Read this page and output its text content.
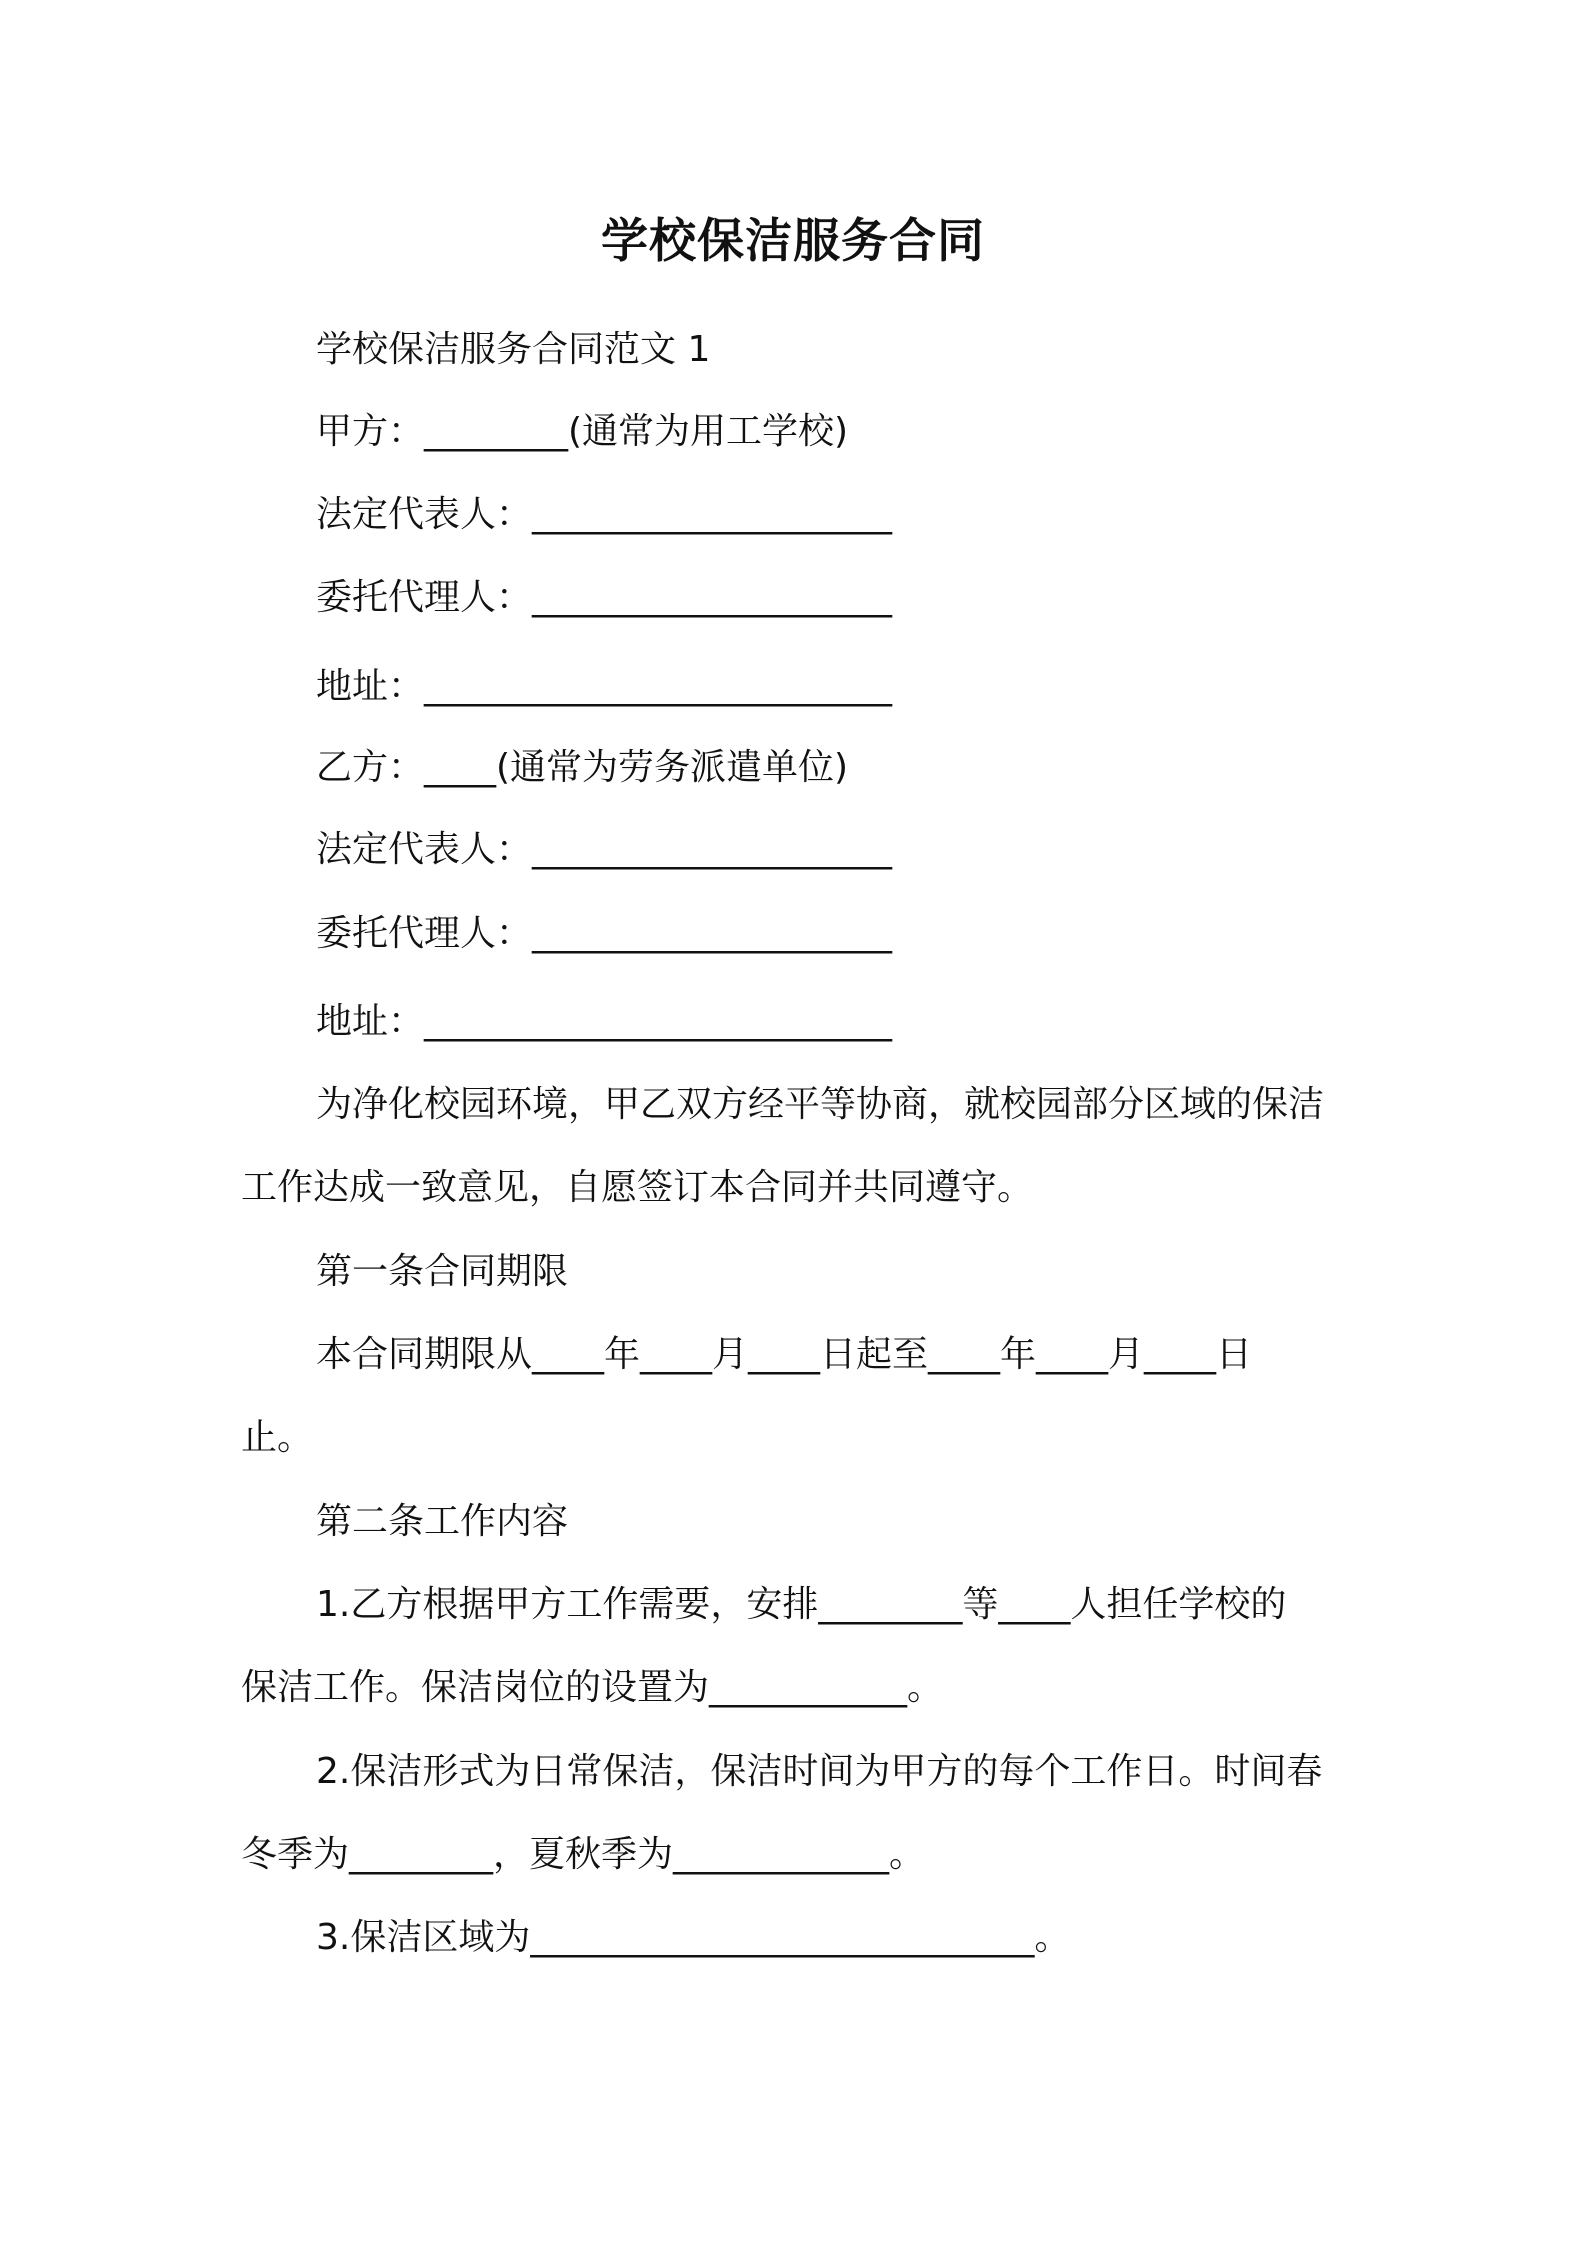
学校保洁服务合同
学校保洁服务合同范文 1
甲方：________(通常为用工学校)
法定代表人：____________________
委托代理人：____________________
地址：__________________________
乙方：____(通常为劳务派遣单位)
法定代表人：____________________
委托代理人：____________________
地址：__________________________
为净化校园环境，甲乙双方经平等协商，就校园部分区域的保洁
工作达成一致意见，自愿签订本合同并共同遵守。
第一条合同期限
本合同期限从____年____月____日起至____年____月____日
止。
第二条工作内容
1.乙方根据甲方工作需要，安排________等____人担任学校的
保洁工作。保洁岗位的设置为___________。
2.保洁形式为日常保洁，保洁时间为甲方的每个工作日。时间春
冬季为________，夏秋季为____________。
3.保洁区域为____________________________。
